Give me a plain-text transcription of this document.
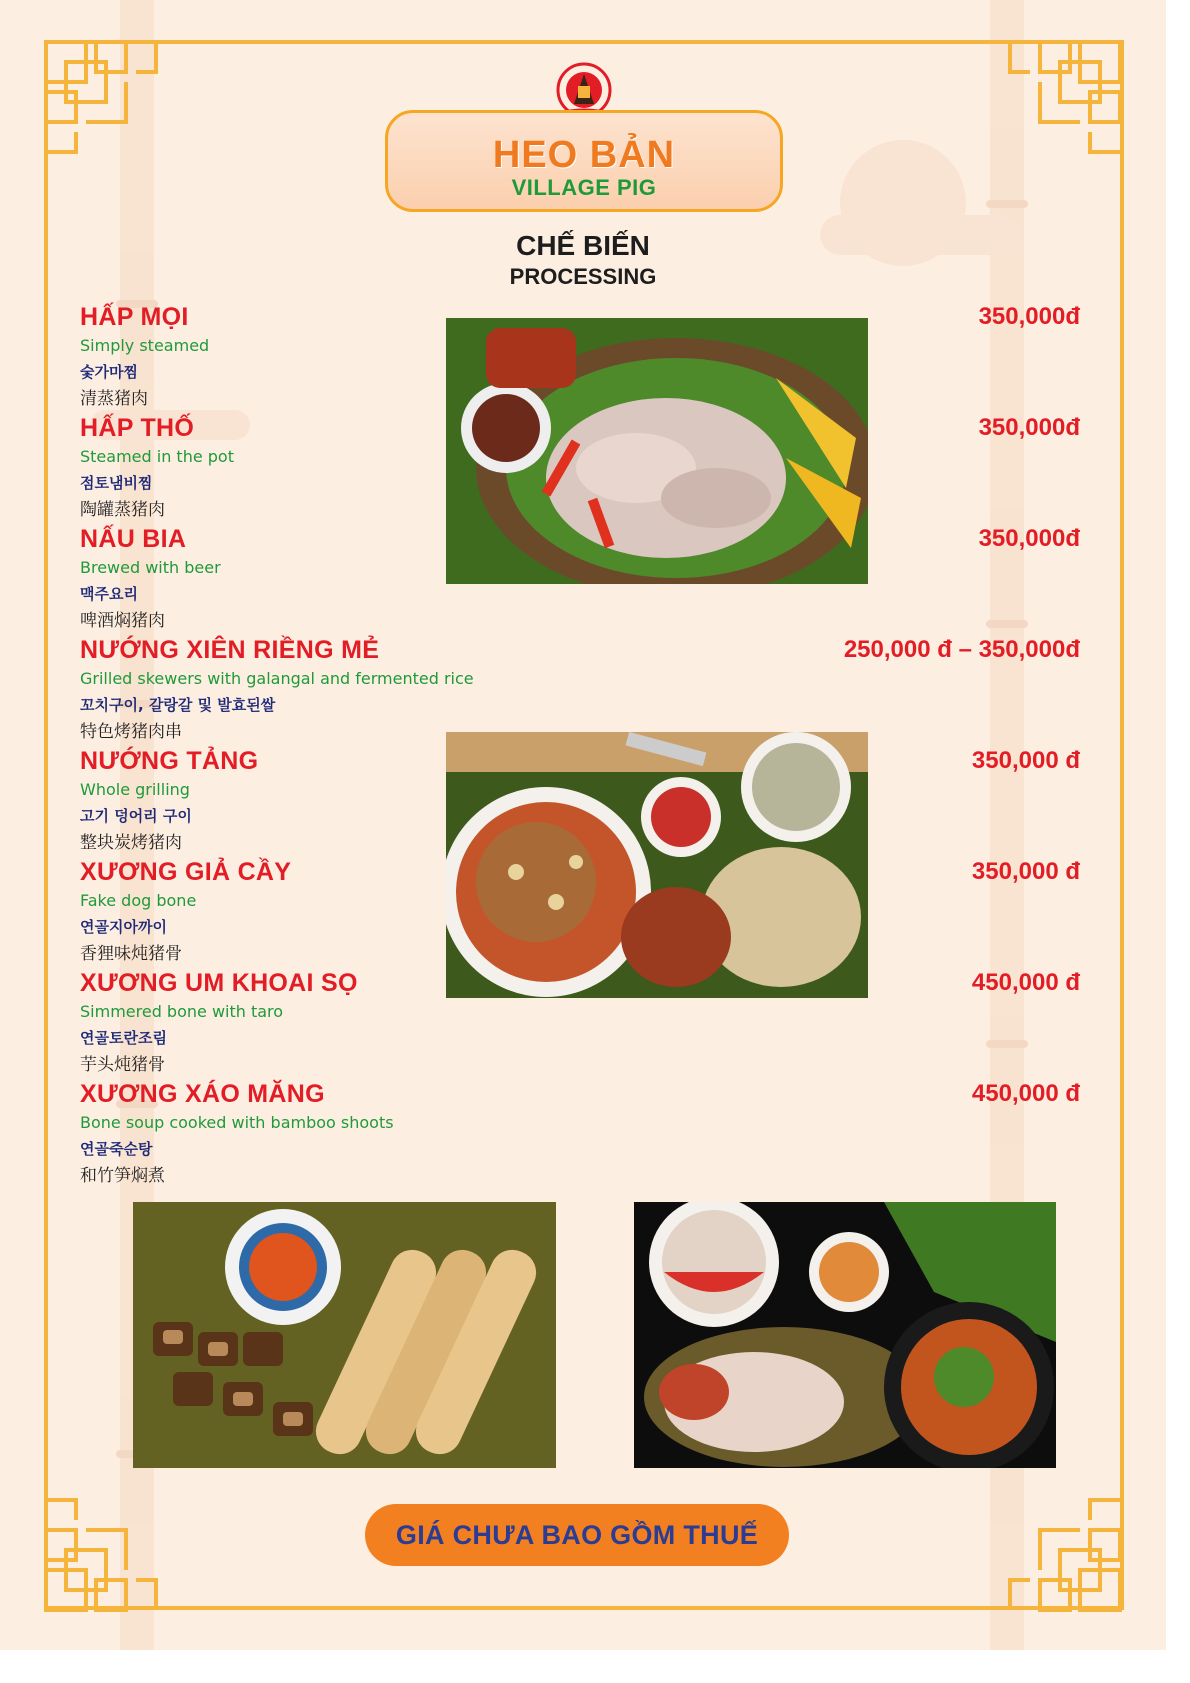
HEO BẢN
VILLAGE PIG
CHẾ BIẾN
PROCESSING
HẤP MỌI
Simply steamed
숯가마찜
清蒸猪肉
350,000đ
HẤP THỐ
Steamed in the pot
점토냄비찜
陶罐蒸猪肉
350,000đ
NẤU BIA
Brewed with beer
맥주요리
啤酒焖猪肉
350,000đ
NƯỚNG XIÊN RIỀNG MẺ
Grilled skewers with galangal and fermented rice
꼬치구이, 갈랑갈 및 발효된쌀
特色烤猪肉串
250,000 đ – 350,000đ
NƯỚNG TẢNG
Whole grilling
고기 덩어리 구이
整块炭烤猪肉
350,000 đ
XƯƠNG GIẢ CẦY
Fake dog bone
연골지아까이
香狸味炖猪骨
350,000 đ
XƯƠNG UM KHOAI SỌ
Simmered bone with taro
연골토란조림
芋头炖猪骨
450,000 đ
XƯƠNG XÁO MĂNG
Bone soup cooked with bamboo shoots
연골죽순탕
和竹笋焖煮
450,000 đ
GIÁ CHƯA BAO GỒM THUẾ
